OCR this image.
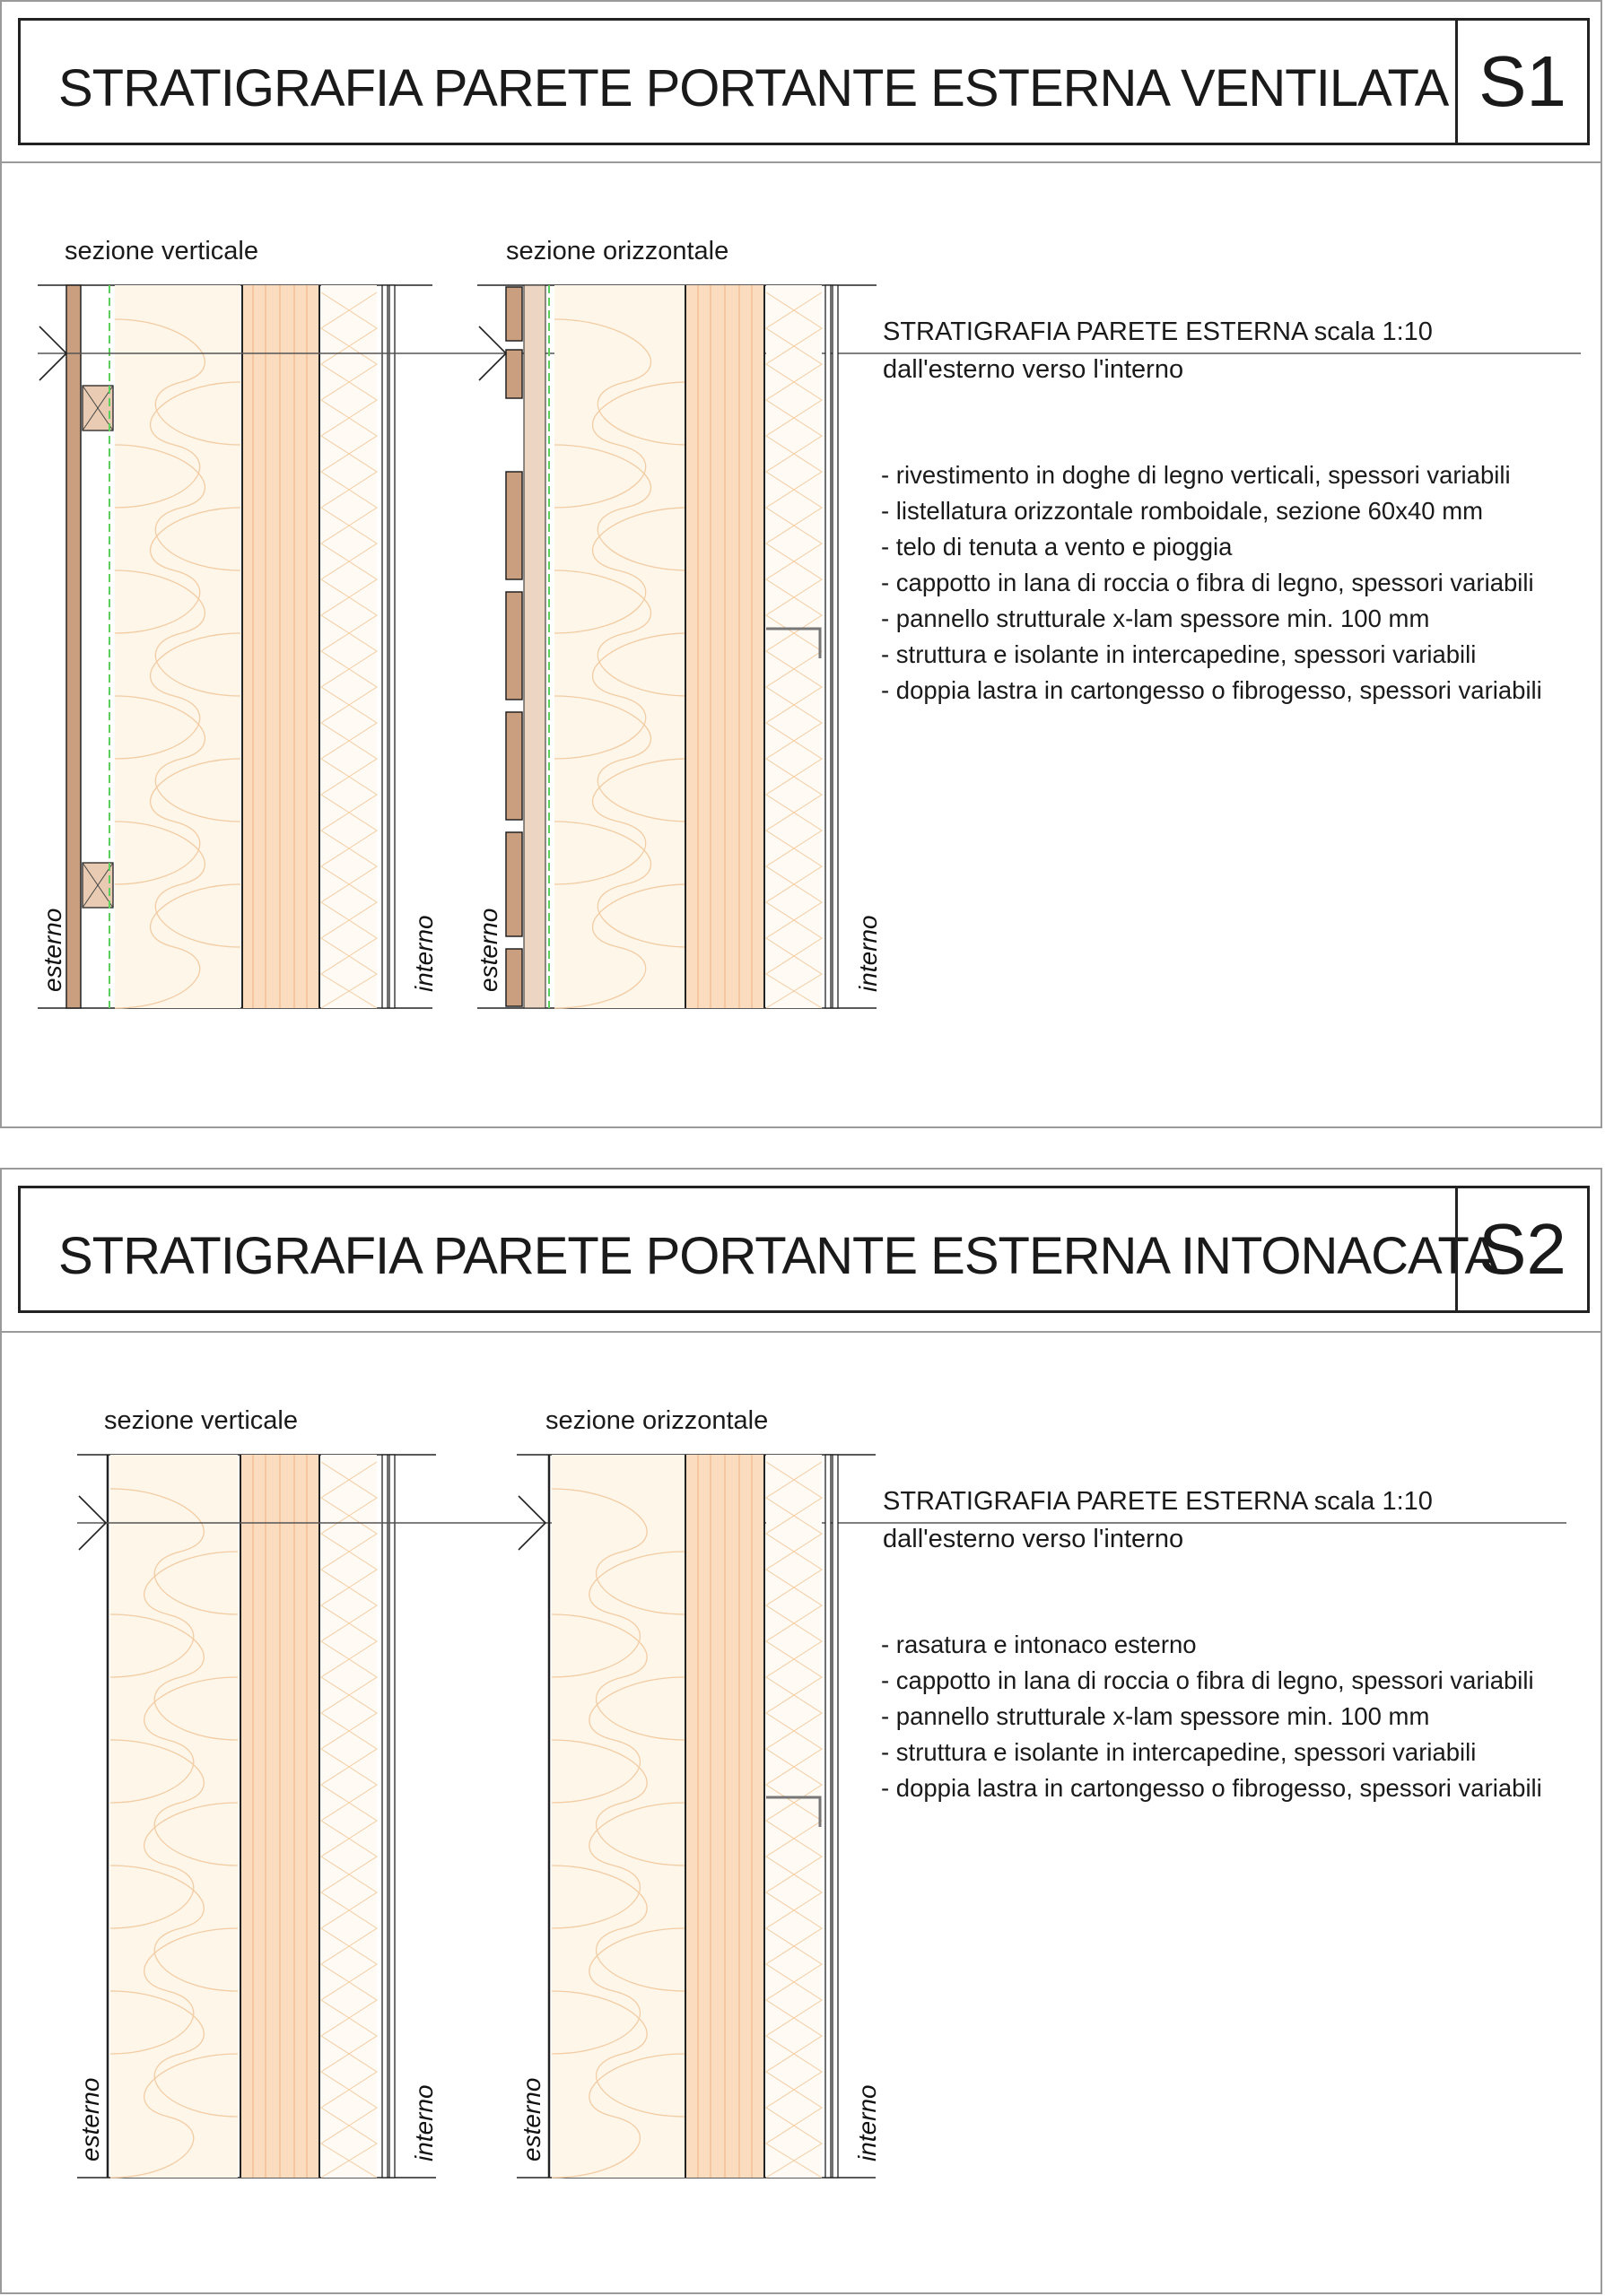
STRATIGRAFIA PARETE PORTANTE ESTERNA VENTILATA S1
sezione verticale	sezione orizzontale
STRATIGRAFIA PARETE ESTERNA scala 1:10
dall'esterno verso l'interno
- rivestimento in doghe di legno verticali, spessori variabili
- listellatura orizzontale romboidale, sezione 60x40 mm
- telo di tenuta a vento e pioggia
- cappotto in lana di roccia o fibra di legno, spessori variabili
- pannello strutturale x-lam spessore min. 100 mm
- struttura e isolante in intercapedine, spessori variabili
- doppia lastra in cartongesso o fibrogesso, spessori variabili
esterno	interno esterno	interno
STRATIGRAFIA PARETE PORTANTE ESTERNA INTONACATA
S2
sezione verticale	sezione orizzontale
STRATIGRAFIA PARETE ESTERNA scala 1:10
dall'esterno verso l'interno
- rasatura e intonaco esterno
- cappotto in lana di roccia o fibra di legno, spessori variabili
- pannello strutturale x-lam spessore min. 100 mm
- struttura e isolante in intercapedine, spessori variabili
- doppia lastra in cartongesso o fibrogesso, spessori variabili
esterno	interno	esterno	interno
